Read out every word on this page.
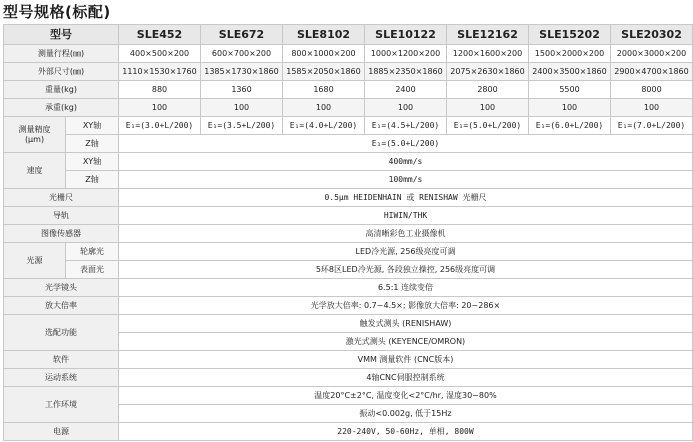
型号规格(标配)
型号		SLE452	SLE672	SLE8102	SLE10122	SLE12162	SLE15202	SLE20302
测量行程(㎜)		400×500×200	600×700×200	800×1000×200	1000×1200×200	1200×1600×200	1500×2000×200	2000×3000×200
外部尺寸(㎜)		1110×1530×1760	1385×1730×1860	1585×2050×1860	1885×2350×1860	2075×2630×1860	2400×3500×1860	2900×4700×1860
重量(kg)		880	1360	1680	2400	2800	5500	8000
承重(kg)		100	100	100	100	100	100	100

测量精度
(μm)	XY轴	E₁=(3.0+L/200)	E₁=(3.5+L/200)	E₁=(4.0+L/200)	E₁=(4.5+L/200)	E₁=(5.0+L/200)	E₁=(6.0+L/200)	E₁=(7.0+L/200)
	Z轴	E₁=(5.0+L/200)						
速度	XY轴	400mm/s						
	Z轴	100mm/s						
光栅尺		0.5μm HEIDENHAIN 或 RENISHAW 光栅尺						
导轨		HIWIN/THK						
图像传感器		高清晰彩色工业摄像机						
光源	轮廓光	LED冷光源, 256级亮度可调						
	表面光	5环8区LED冷光源, 各段独立操控, 256级亮度可调						
光学镜头		6.5:1 连续变倍						
放大倍率		光学放大倍率: 0.7~4.5×; 影像放大倍率: 20~286×						
选配功能		触发式测头 (RENISHAW)						
		激光式测头 (KEYENCE/OMRON)						
软件		VMM 测量软件 (CNC版本)						
运动系统		4轴CNC伺服控制系统						
工作环境		温度20°C±2°C, 温度变化<2°C/hr, 湿度30~80%						
		振动<0.002g, 低于15Hz						
电源		220-240V, 50-60Hz, 单相, 800W						
